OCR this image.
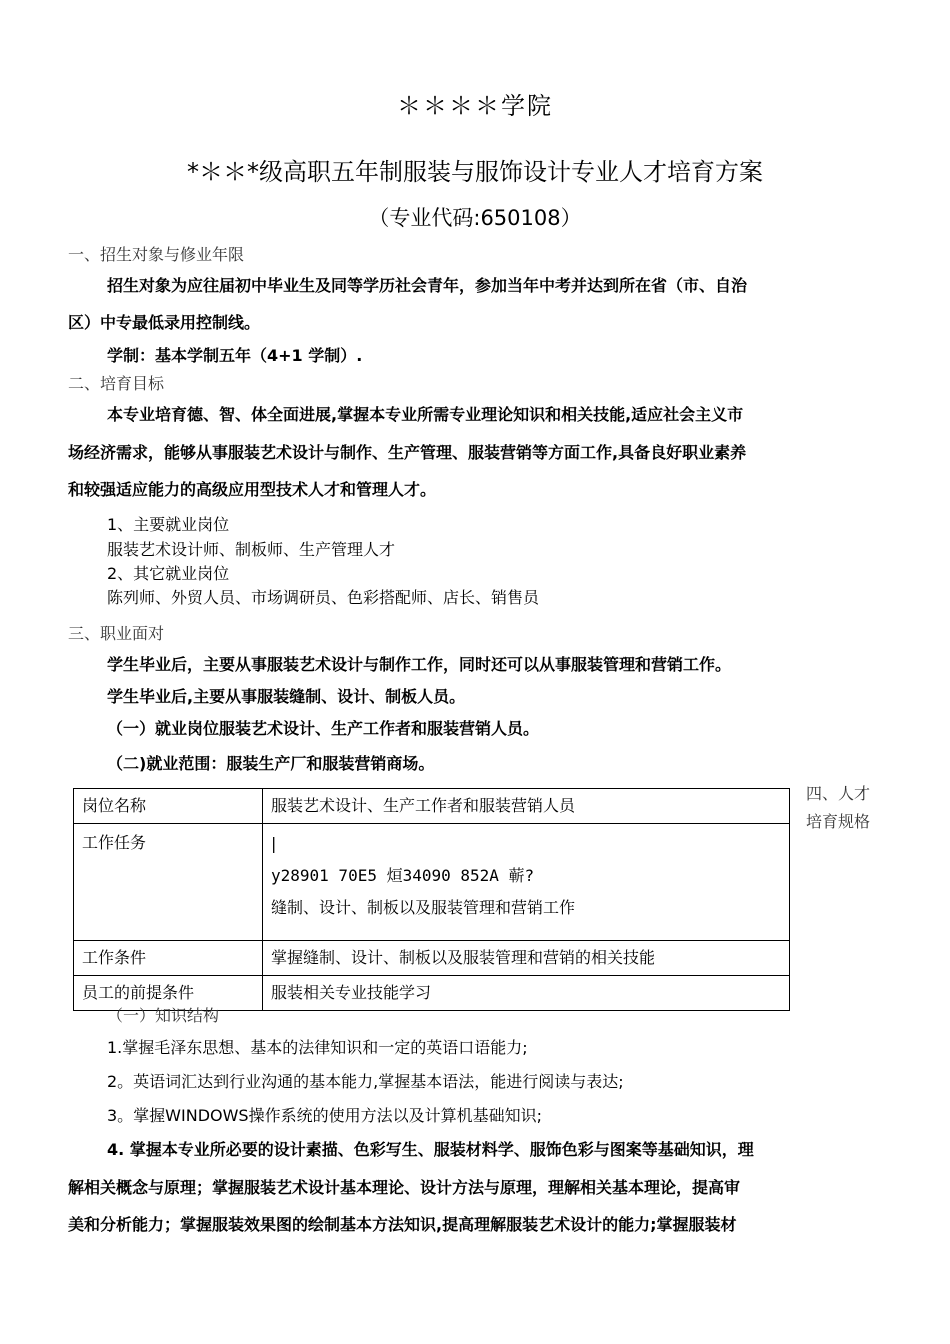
＊＊＊＊学院
*＊＊*级高职五年制服装与服饰设计专业人才培育方案
（专业代码:650108）
一、招生对象与修业年限
招生对象为应往届初中毕业生及同等学历社会青年，参加当年中考并达到所在省（市、自治
区）中专最低录用控制线。
学制：基本学制五年（4+1 学制）.
二、培育目标
本专业培育德、智、体全面进展,掌握本专业所需专业理论知识和相关技能,适应社会主义市
场经济需求，能够从事服装艺术设计与制作、生产管理、服装营销等方面工作,具备良好职业素养
和较强适应能力的高级应用型技术人才和管理人才。
1、主要就业岗位
服装艺术设计师、制板师、生产管理人才
2、其它就业岗位
陈列师、外贸人员、市场调研员、色彩搭配师、店长、销售员
三、职业面对
学生毕业后，主要从事服装艺术设计与制作工作，同时还可以从事服装管理和营销工作。
学生毕业后,主要从事服装缝制、设计、制板人员。
（一）就业岗位服装艺术设计、生产工作者和服装营销人员。
（二)就业范围：服装生产厂和服装营销商场。
岗位名称	服装艺术设计、生产工作者和服装营销人员
工作任务	|
y28901 70E5 烜34090 852A 蕲?
缝制、设计、制板以及服装管理和营销工作

工作条件	掌握缝制、设计、制板以及服装管理和营销的相关技能
员工的前提条件	服装相关专业技能学习
四、人才
培育规格
（一）知识结构
1.掌握毛泽东思想、基本的法律知识和一定的英语口语能力;
2。英语词汇达到行业沟通的基本能力,掌握基本语法，能进行阅读与表达;
3。掌握WINDOWS操作系统的使用方法以及计算机基础知识;
4. 掌握本专业所必要的设计素描、色彩写生、服装材料学、服饰色彩与图案等基础知识，理
解相关概念与原理；掌握服装艺术设计基本理论、设计方法与原理，理解相关基本理论，提高审
美和分析能力；掌握服装效果图的绘制基本方法知识,提高理解服装艺术设计的能力;掌握服装材
